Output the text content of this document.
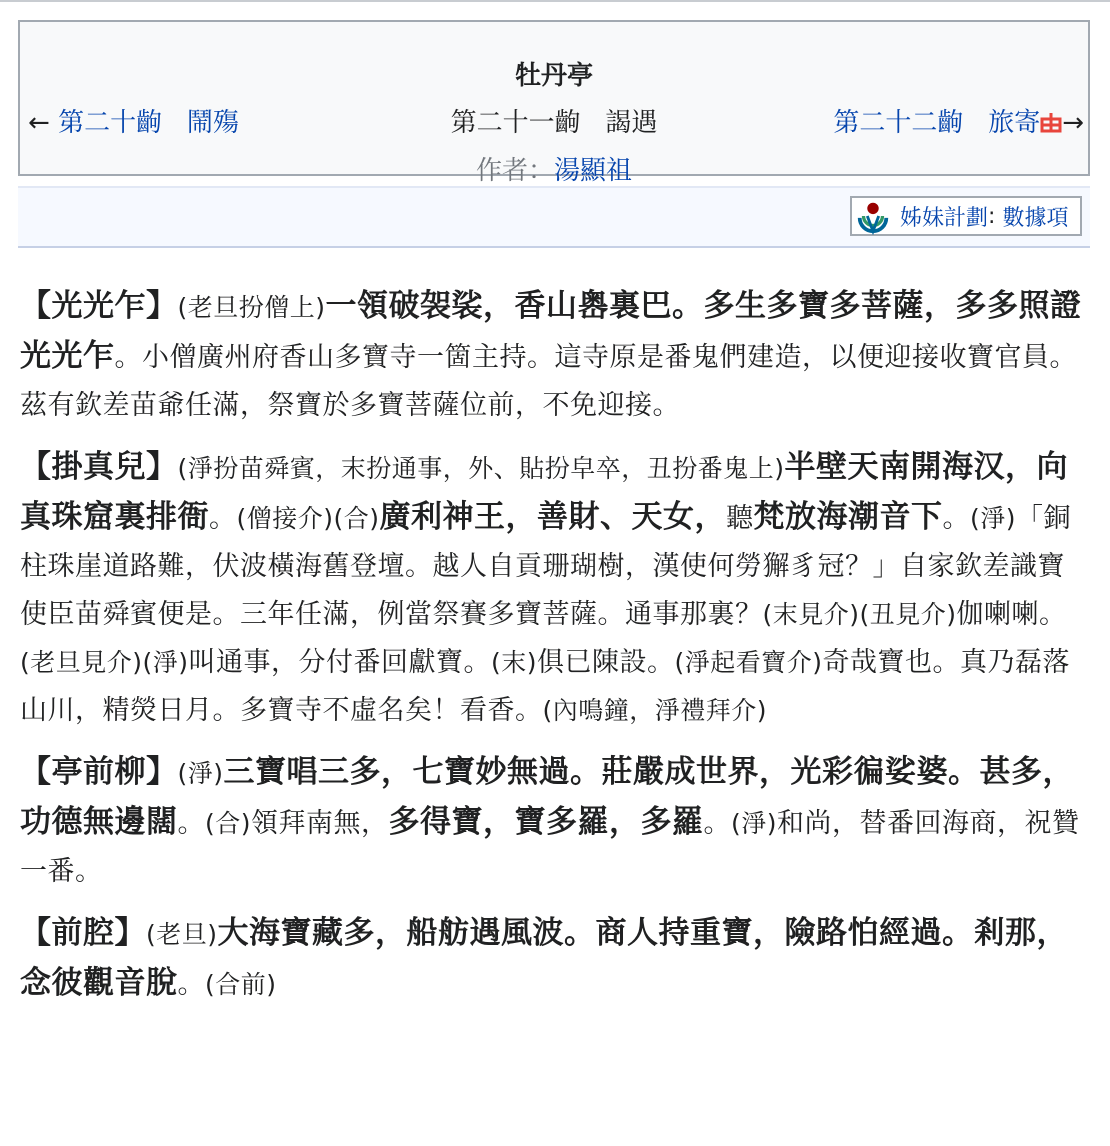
牡丹亭
← 第二十齣 鬧殤	第二十一齣 謁遇	第二十二齣 旅寄 →
作者：湯顯祖
姊妹計劃 :
數據項

【光光乍】(老旦扮僧上)一領破袈裟，香山嶴裏巴。多生多寶多菩薩，多多照證光光乍。小僧廣州府香山多寶寺一箇主持。這寺原是番鬼們建造，以便迎接收寶官員。茲有欽差苗爺任滿，祭寶於多寶菩薩位前，不免迎接。

【掛真兒】(淨扮苗舜賓，末扮通事，外、貼扮皁卒，丑扮番鬼上)半壁天南開海汉，向真珠窟裏排衙。(僧接介)(合)廣利神王，善財、天女，聽梵放海潮音下。(淨)「銅柱珠崖道路難，伏波橫海舊登壇。越人自貢珊瑚樹，漢使何勞獬豸冠？」自家欽差識寶使臣苗舜賓便是。三年任滿，例當祭賽多寶菩薩。通事那裏？(末見介)(丑見介)伽喇喇。(老旦見介)(淨)叫通事，分付番回獻寶。(末)俱已陳設。(淨起看寶介)奇哉寶也。真乃磊落山川，精熒日月。多寶寺不虛名矣！看香。(內鳴鐘，淨禮拜介)

【亭前柳】(淨)三寶唱三多，七寶妙無過。莊嚴成世界，光彩徧娑婆。甚多，功德無邊闊。(合)領拜南無，多得寶，寶多羅，多羅。(淨)和尚，替番回海商，祝贊一番。

【前腔】(老旦)大海寶藏多，船舫遇風波。商人持重寶，險路怕經過。剎那，念彼觀音脫。(合前)
